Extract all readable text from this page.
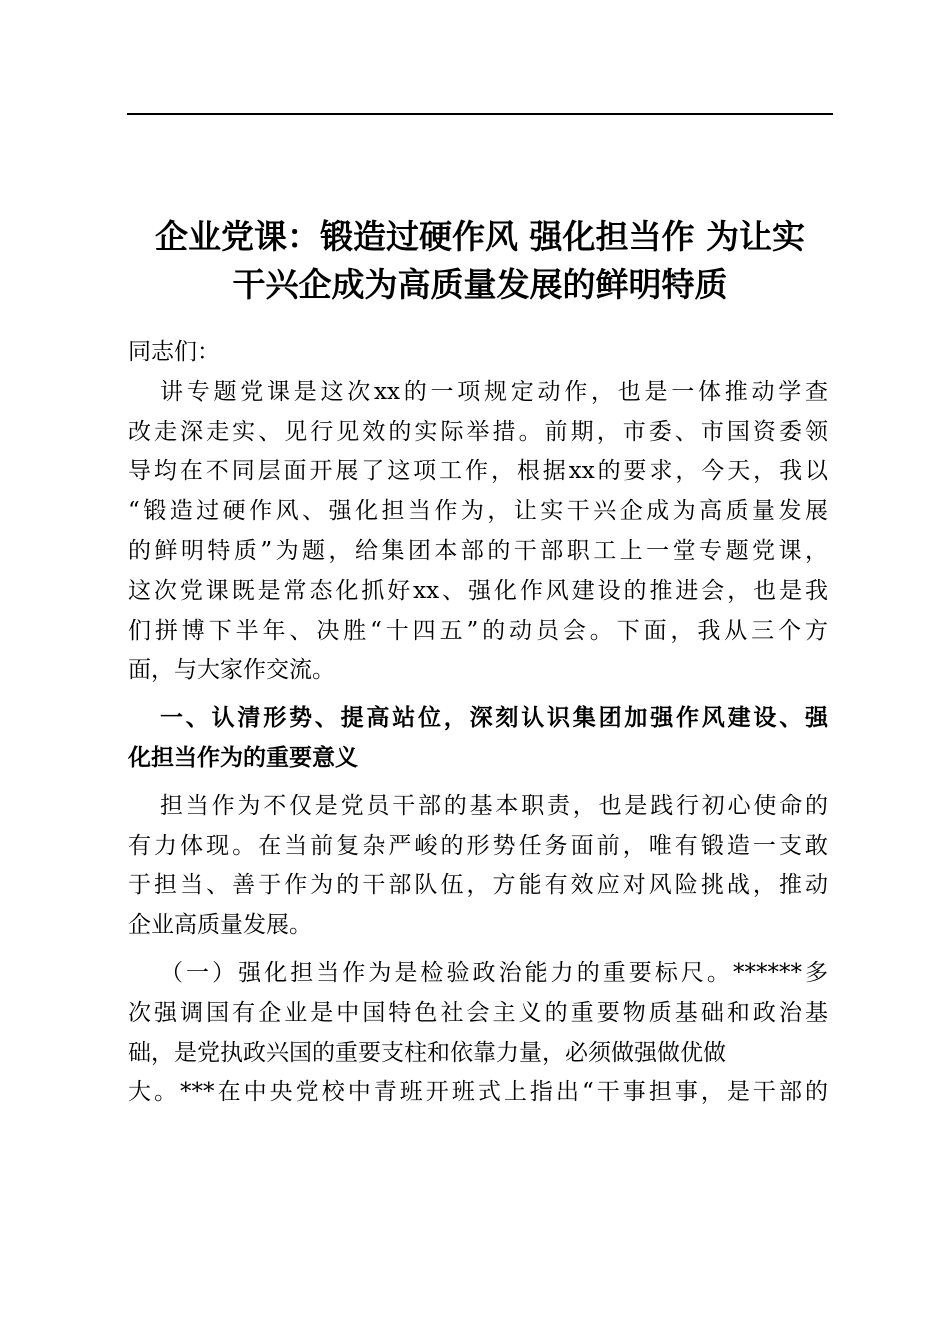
企业党课：锻造过硬作风 强化担当作 为让实
干兴企成为高质量发展的鲜明特质
同志们：
讲专题党课是这次xx的一项规定动作，也是一体推动学查
改走深走实、见行见效的实际举措。前期，市委、市国资委领
导均在不同层面开展了这项工作，根据xx的要求，今天，我以
“锻造过硬作风、强化担当作为，让实干兴企成为高质量发展
的鲜明特质”为题，给集团本部的干部职工上一堂专题党课，
这次党课既是常态化抓好xx、强化作风建设的推进会，也是我
们拼博下半年、决胜“十四五”的动员会。下面，我从三个方
面，与大家作交流。
一、认清形势、提高站位，深刻认识集团加强作风建设、强
化担当作为的重要意义
担当作为不仅是党员干部的基本职责，也是践行初心使命的
有力体现。在当前复杂严峻的形势任务面前，唯有锻造一支敢
于担当、善于作为的干部队伍，方能有效应对风险挑战，推动
企业高质量发展。
（一）强化担当作为是检验政治能力的重要标尺。******多
次强调国有企业是中国特色社会主义的重要物质基础和政治基
础，是党执政兴国的重要支柱和依靠力量，必须做强做优做
大。***在中央党校中青班开班式上指出“干事担事，是干部的
